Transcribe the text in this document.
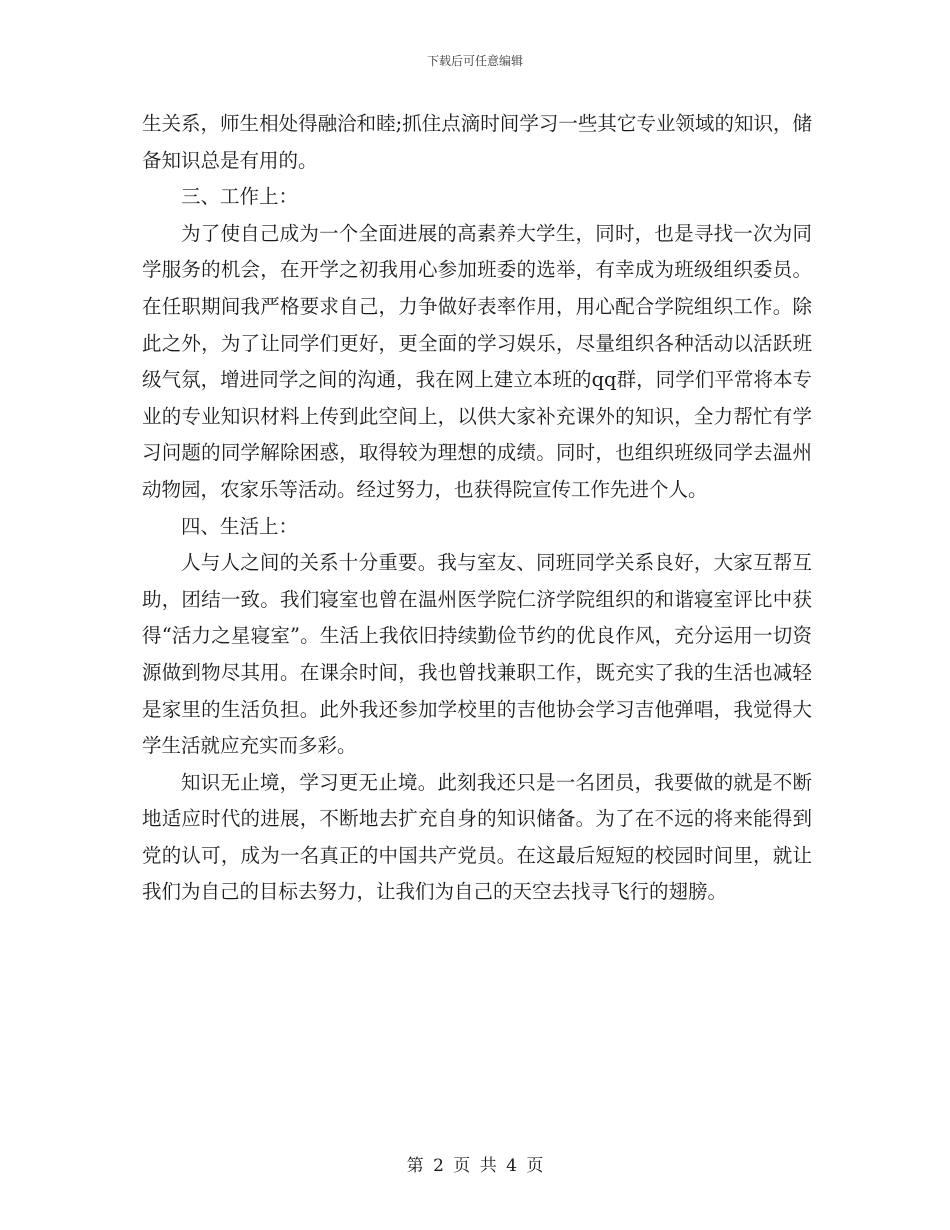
下载后可任意编辑

生关系，师生相处得融洽和睦;抓住点滴时间学习一些其它专业领域的知识，储备知识总是有用的。

三、工作上：

为了使自己成为一个全面进展的高素养大学生，同时，也是寻找一次为同学服务的机会，在开学之初我用心参加班委的选举，有幸成为班级组织委员。在任职期间我严格要求自己，力争做好表率作用，用心配合学院组织工作。除此之外，为了让同学们更好，更全面的学习娱乐，尽量组织各种活动以活跃班级气氛，增进同学之间的沟通，我在网上建立本班的qq群，同学们平常将本专业的专业知识材料上传到此空间上，以供大家补充课外的知识，全力帮忙有学习问题的同学解除困惑，取得较为理想的成绩。同时，也组织班级同学去温州动物园，农家乐等活动。经过努力，也获得院宣传工作先进个人。

四、生活上：

人与人之间的关系十分重要。我与室友、同班同学关系良好，大家互帮互助，团结一致。我们寝室也曾在温州医学院仁济学院组织的和谐寝室评比中获得“活力之星寝室”。生活上我依旧持续勤俭节约的优良作风，充分运用一切资源做到物尽其用。在课余时间，我也曾找兼职工作，既充实了我的生活也减轻是家里的生活负担。此外我还参加学校里的吉他协会学习吉他弹唱，我觉得大学生活就应充实而多彩。

知识无止境，学习更无止境。此刻我还只是一名团员，我要做的就是不断地适应时代的进展，不断地去扩充自身的知识储备。为了在不远的将来能得到党的认可，成为一名真正的中国共产党员。在这最后短短的校园时间里，就让我们为自己的目标去努力，让我们为自己的天空去找寻飞行的翅膀。

第 2 页 共 4 页
